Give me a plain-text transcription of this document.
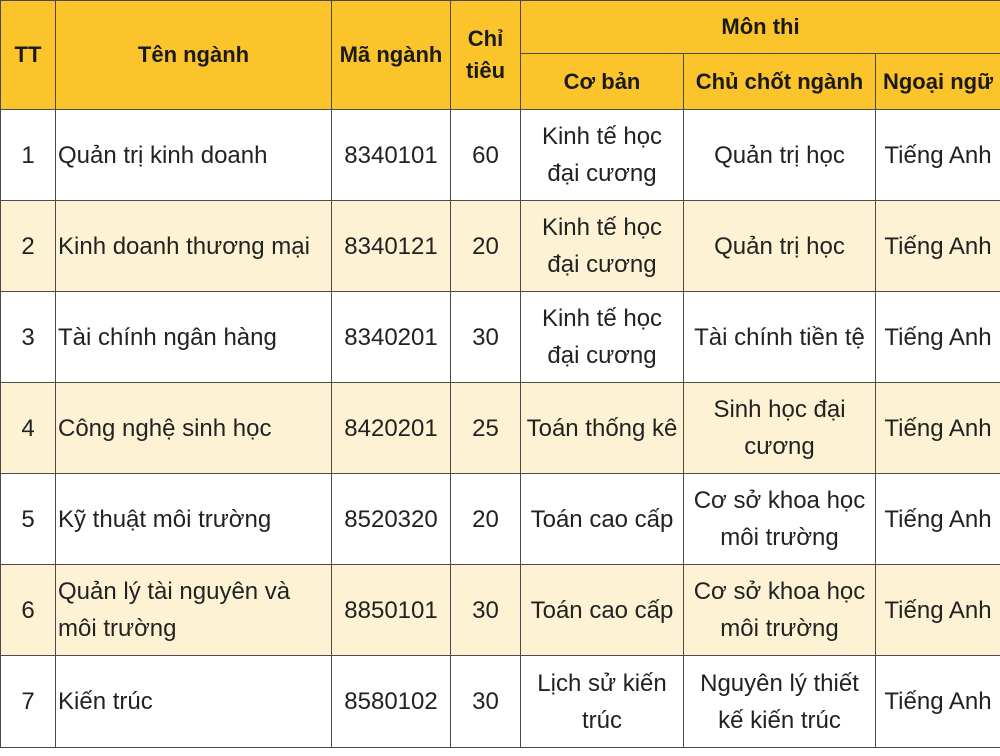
TT	Tên ngành	Mã ngành	Chỉ tiêu	Môn thi		
				Cơ bản	Chủ chốt ngành	Ngoại ngữ
1	Quản trị kinh doanh	8340101	60	Kinh tế học đại cương	Quản trị học	Tiếng Anh
2	Kinh doanh thương mại	8340121	20	Kinh tế học đại cương	Quản trị học	Tiếng Anh
3	Tài chính ngân hàng	8340201	30	Kinh tế học đại cương	Tài chính tiền tệ	Tiếng Anh
4	Công nghệ sinh học	8420201	25	Toán thống kê	Sinh học đại cương	Tiếng Anh
5	Kỹ thuật môi trường	8520320	20	Toán cao cấp	Cơ sở khoa học môi trường	Tiếng Anh
6	Quản lý tài nguyên và môi trường	8850101	30	Toán cao cấp	Cơ sở khoa học môi trường	Tiếng Anh
7	Kiến trúc	8580102	30	Lịch sử kiến trúc	Nguyên lý thiết kế kiến trúc	Tiếng Anh
